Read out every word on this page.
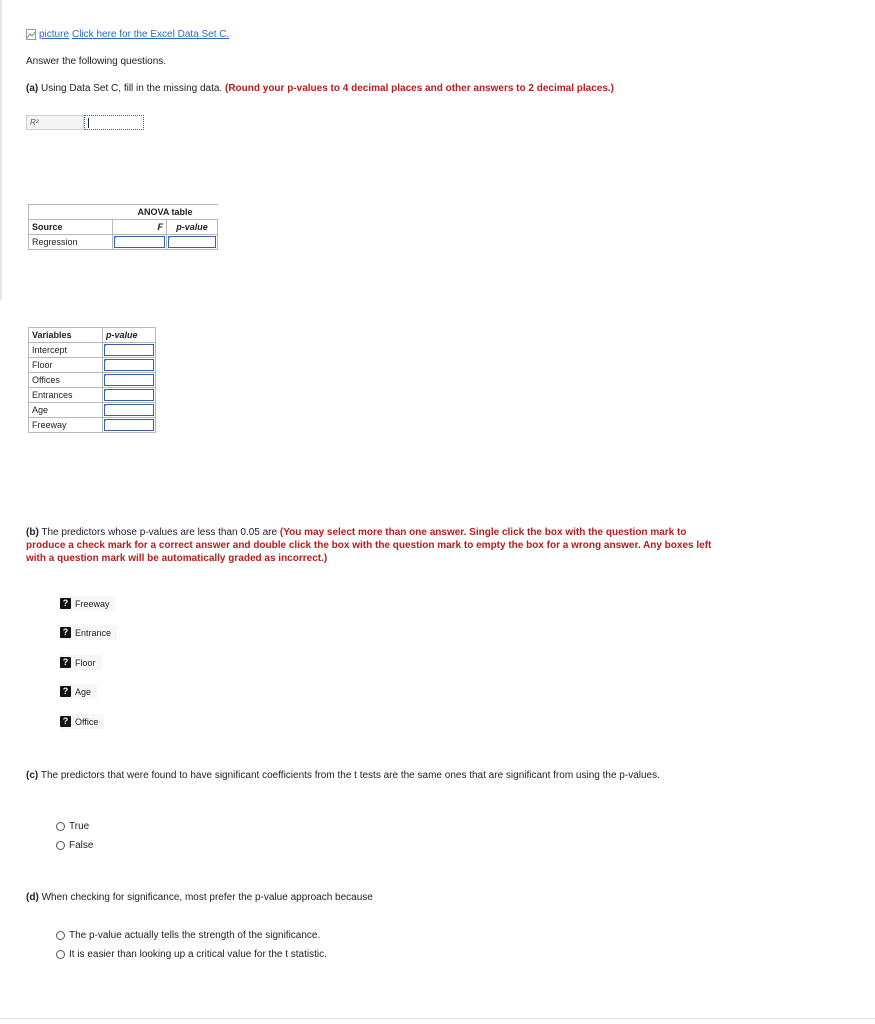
picture Click here for the Excel Data Set C.
Answer the following questions.
(a) Using Data Set C, fill in the missing data. (Round your p-values to 4 decimal places and other answers to 2 decimal places.)
R²
	ANOVA table	
Source	F	p-value
Regression	

Variables	p-value
Intercept	

Floor	

Offices	

Entrances	

Age	

Freeway	
(b) The predictors whose p-values are less than 0.05 are (You may select more than one answer. Single click the box with the question mark to produce a check mark for a correct answer and double click the box with the question mark to empty the box for a wrong answer. Any boxes left with a question mark will be automatically graded as incorrect.)
? Freeway
? Entrance
? Floor
? Age
? Office
(c) The predictors that were found to have significant coefficients from the t tests are the same ones that are significant from using the p-values.
True
False
(d) When checking for significance, most prefer the p-value approach because
The p-value actually tells the strength of the significance.
It is easier than looking up a critical value for the t statistic.
